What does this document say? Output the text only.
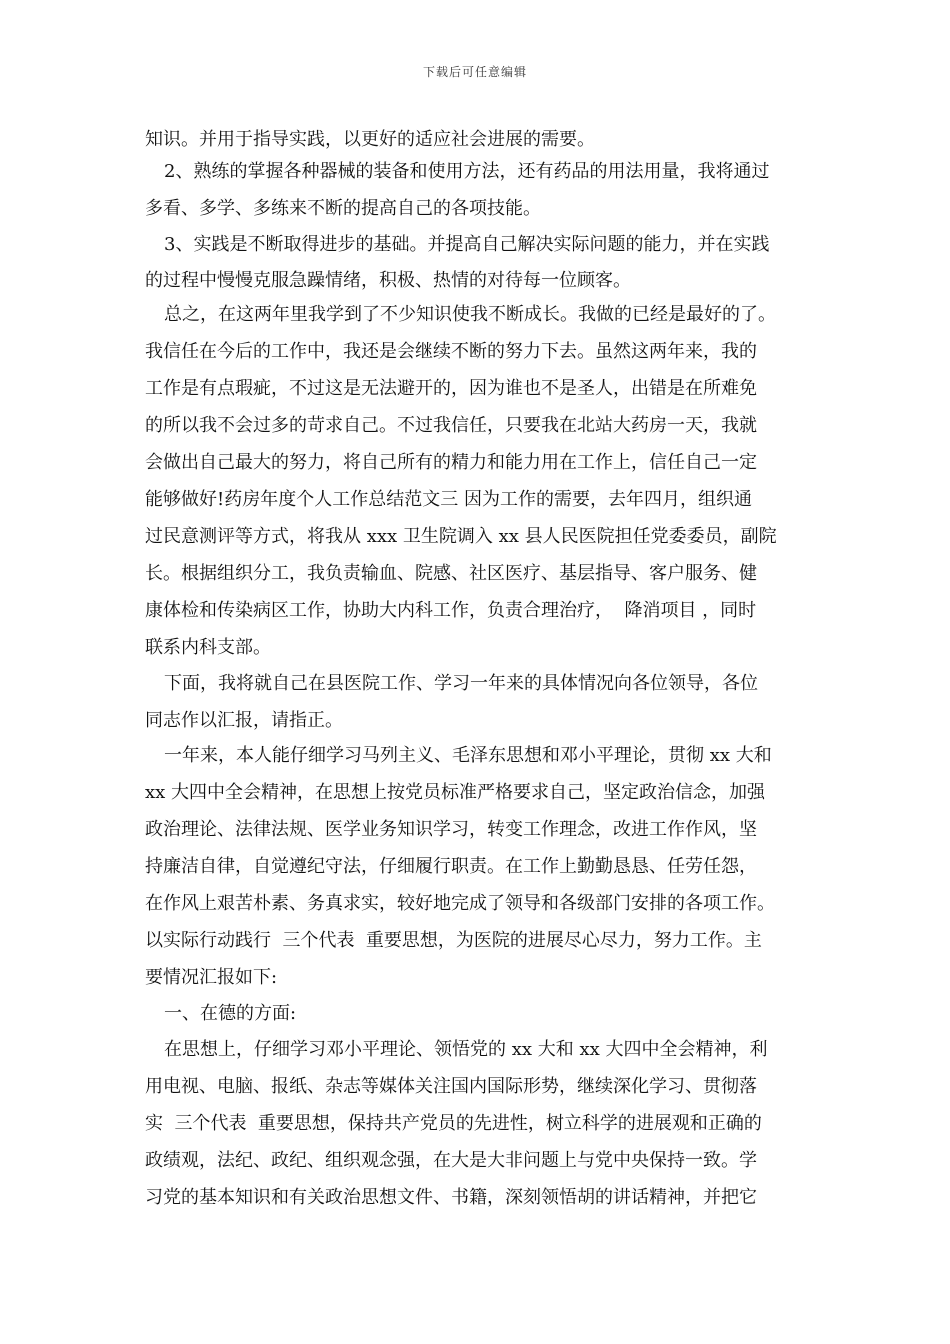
下载后可任意编辑
知识。并用于指导实践，以更好的适应社会进展的需要。
2、熟练的掌握各种器械的装备和使用方法，还有药品的用法用量，我将通过
多看、多学、多练来不断的提高自己的各项技能。
3、实践是不断取得进步的基础。并提高自己解决实际问题的能力，并在实践
的过程中慢慢克服急躁情绪，积极、热情的对待每一位顾客。
总之，在这两年里我学到了不少知识使我不断成长。我做的已经是最好的了。
我信任在今后的工作中，我还是会继续不断的努力下去。虽然这两年来，我的
工作是有点瑕疵，不过这是无法避开的，因为谁也不是圣人，出错是在所难免
的所以我不会过多的苛求自己。不过我信任，只要我在北站大药房一天，我就
会做出自己最大的努力，将自己所有的精力和能力用在工作上，信任自己一定
能够做好!药房年度个人工作总结范文三 因为工作的需要，去年四月，组织通
过民意测评等方式，将我从 xxx 卫生院调入 xx 县人民医院担任党委委员，副院
长。根据组织分工，我负责输血、院感、社区医疗、基层指导、客户服务、健
康体检和传染病区工作，协助大内科工作，负责合理治疗，  降消项目 ，同时
联系内科支部。
下面，我将就自己在县医院工作、学习一年来的具体情况向各位领导，各位
同志作以汇报，请指正。
一年来，本人能仔细学习马列主义、毛泽东思想和邓小平理论，贯彻 xx 大和
xx 大四中全会精神，在思想上按党员标准严格要求自己，坚定政治信念，加强
政治理论、法律法规、医学业务知识学习，转变工作理念，改进工作作风，坚
持廉洁自律，自觉遵纪守法，仔细履行职责。在工作上勤勤恳恳、任劳任怨，
在作风上艰苦朴素、务真求实，较好地完成了领导和各级部门安排的各项工作。
以实际行动践行  三个代表  重要思想，为医院的进展尽心尽力，努力工作。主
要情况汇报如下:
一、在德的方面:
在思想上，仔细学习邓小平理论、领悟党的 xx 大和 xx 大四中全会精神，利
用电视、电脑、报纸、杂志等媒体关注国内国际形势，继续深化学习、贯彻落
实  三个代表  重要思想，保持共产党员的先进性，树立科学的进展观和正确的
政绩观，法纪、政纪、组织观念强，在大是大非问题上与党中央保持一致。学
习党的基本知识和有关政治思想文件、书籍，深刻领悟胡的讲话精神，并把它
